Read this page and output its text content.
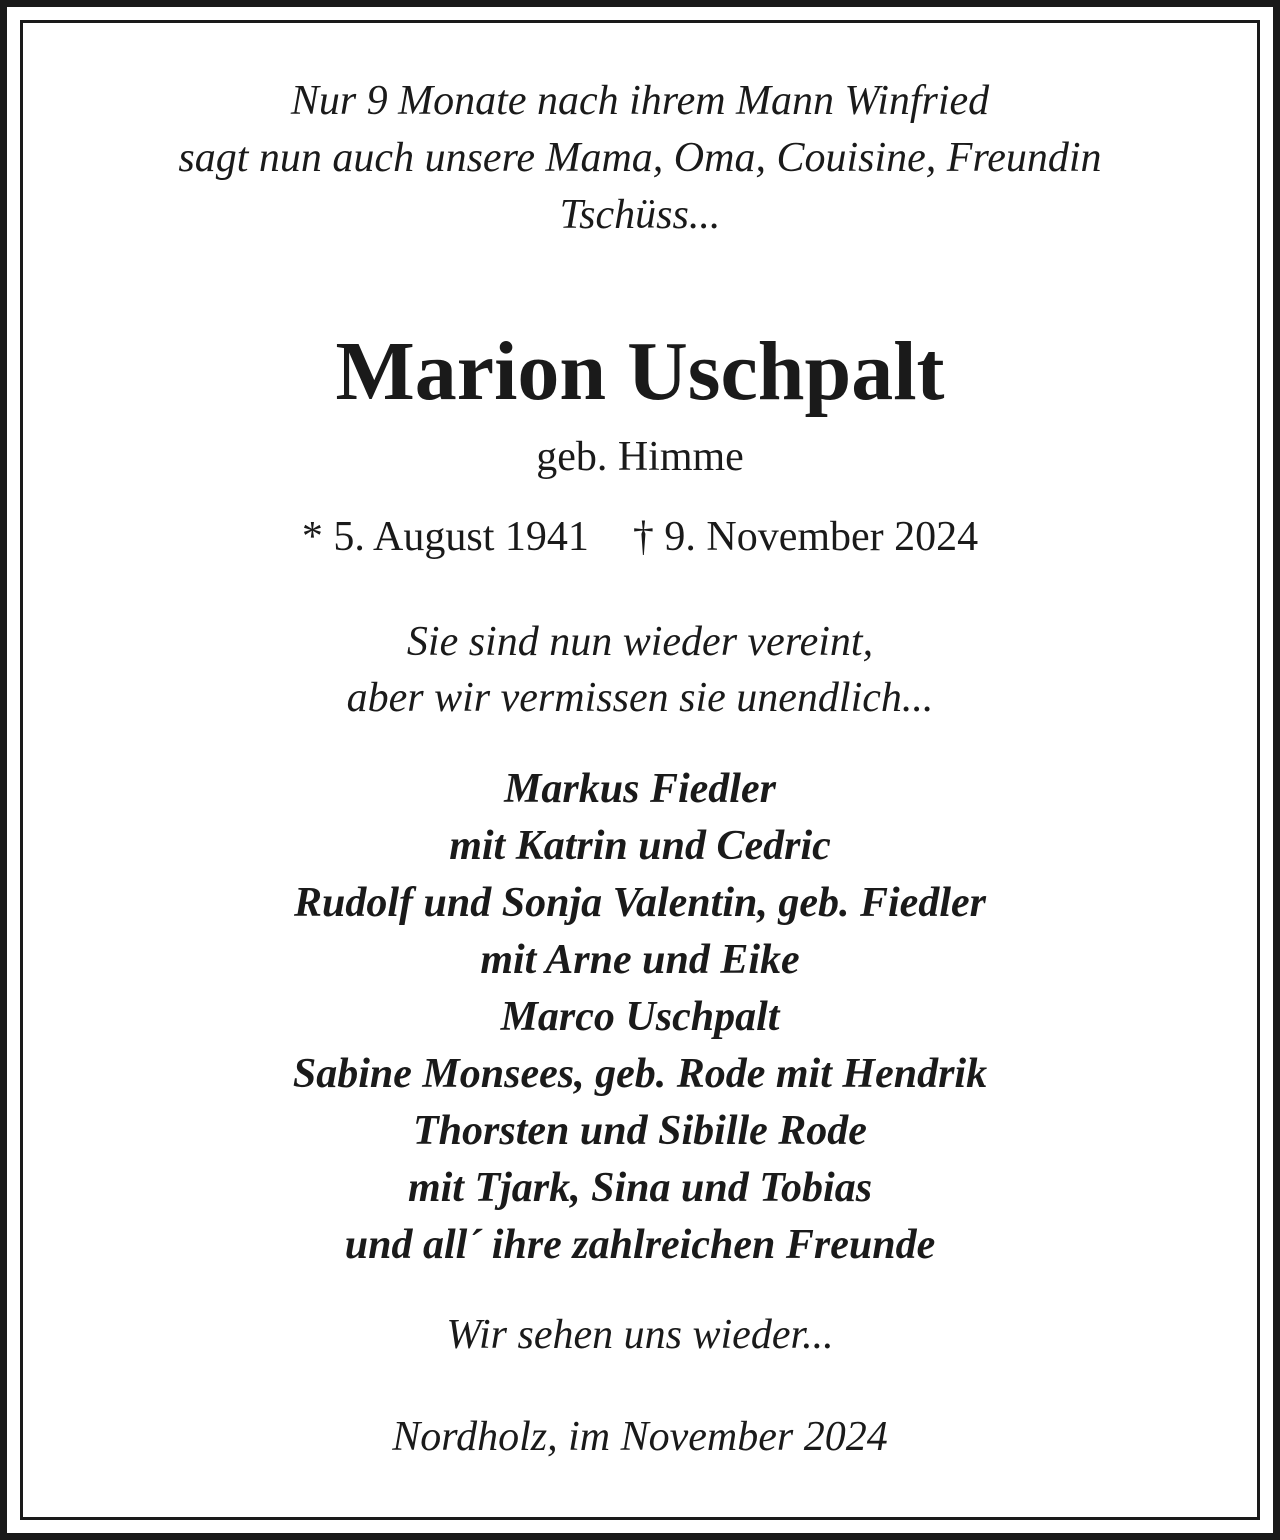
Nur 9 Monate nach ihrem Mann Winfried
sagt nun auch unsere Mama, Oma, Couisine, Freundin
Tschüss...
Marion Uschpalt
geb. Himme
* 5. August 1941 † 9. November 2024
Sie sind nun wieder vereint,
aber wir vermissen sie unendlich...
Markus Fiedler
mit Katrin und Cedric
Rudolf und Sonja Valentin, geb. Fiedler
mit Arne und Eike
Marco Uschpalt
Sabine Monsees, geb. Rode mit Hendrik
Thorsten und Sibille Rode
mit Tjark, Sina und Tobias
und all´ ihre zahlreichen Freunde
Wir sehen uns wieder...
Nordholz, im November 2024
